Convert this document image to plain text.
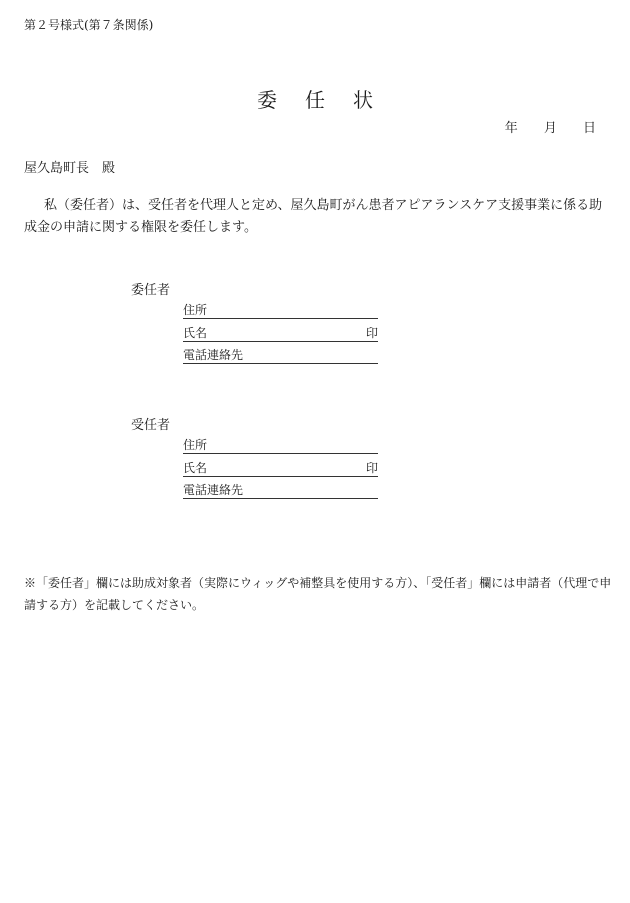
第２号様式(第７条関係)
委任状
年 月 日
屋久島町長　殿
私（委任者）は、受任者を代理人と定め、屋久島町がん患者アピアランスケア支援事業に係る助成金の申請に関する権限を委任します。
委任者
住所
氏名	印
電話連絡先
受任者
住所
氏名	印
電話連絡先
※「委任者」欄には助成対象者（実際にウィッグや補整具を使用する方）、「受任者」欄には申請者（代理で申請する方）を記載してください。
